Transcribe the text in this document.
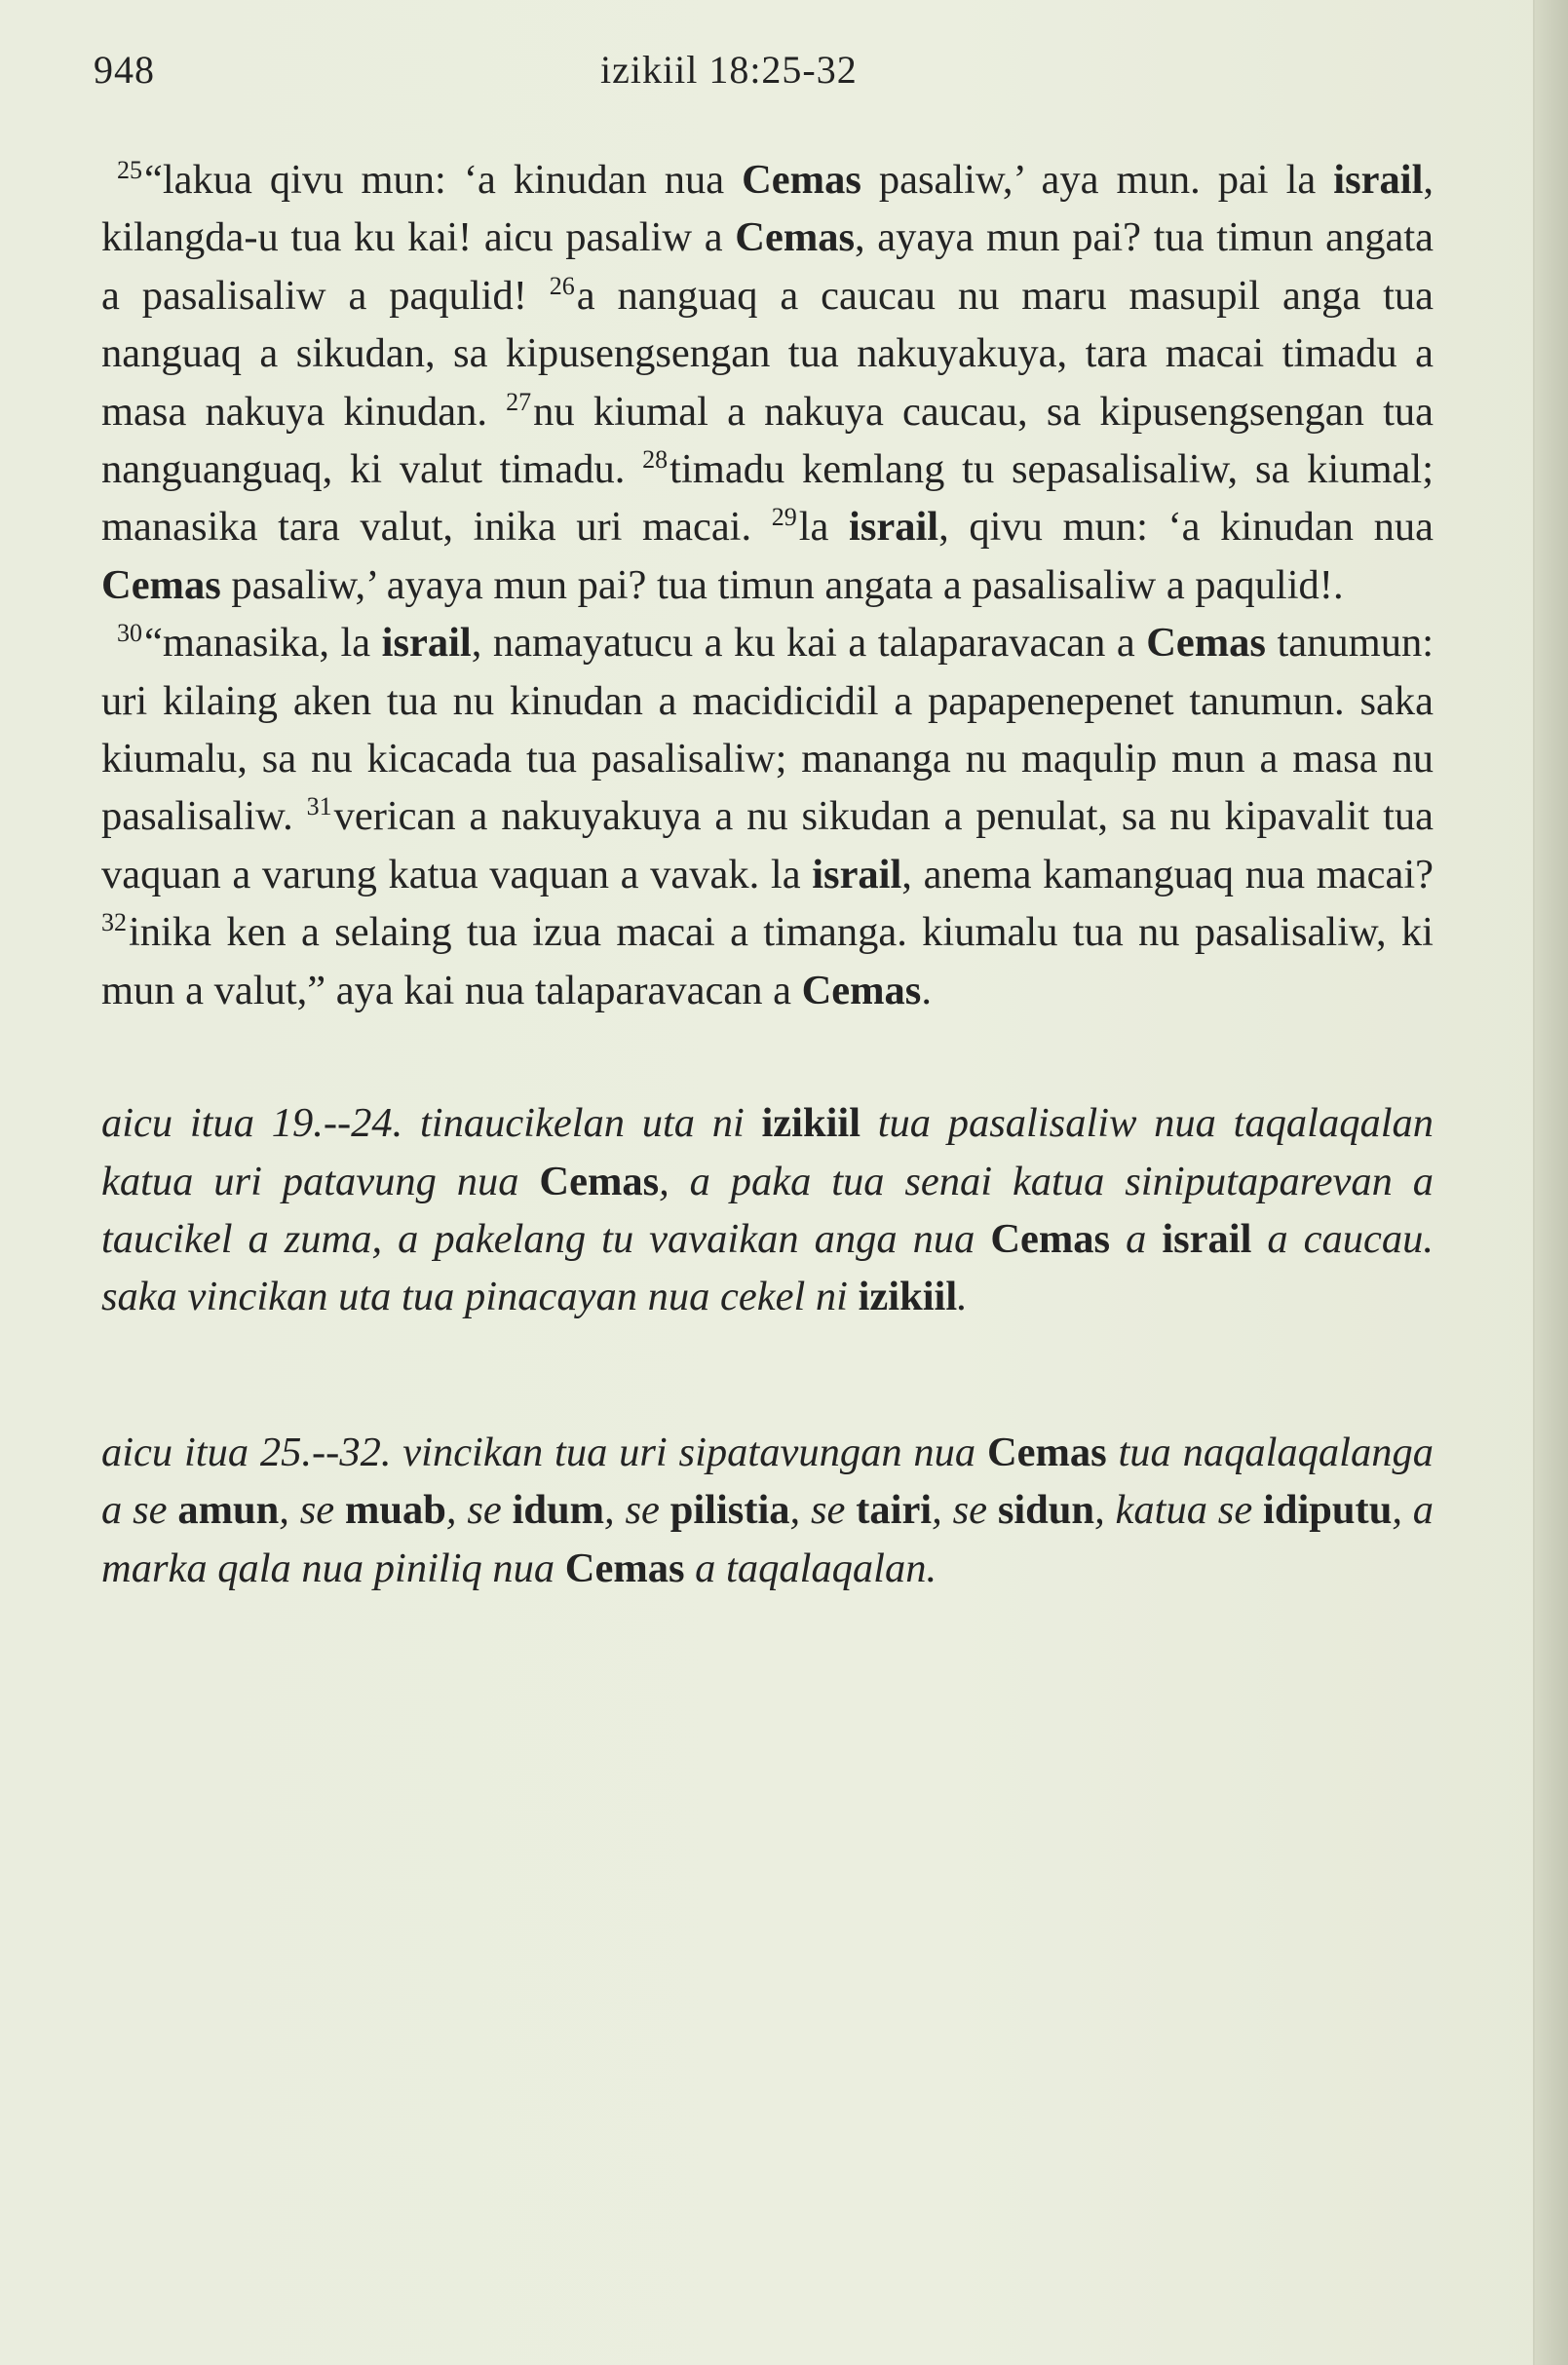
948	izikiil 18:25-32

$^{25}$“lakua qivu mun: ‘a kinudan nua Cemas pasaliw,’ aya mun. pai la israil, kilangda-u tua ku kai! aicu pasaliw a Cemas, ayaya mun pai? tua timun angata a pasalisaliw a paqulid! $^{26}$a nanguaq a caucau nu maru masupil anga tua nanguaq a sikudan, sa kipusengsengan tua nakuyakuya, tara macai timadu a masa nakuya kinudan. $^{27}$nu kiumal a nakuya caucau, sa kipusengsengan tua nanguanguaq, ki valut timadu. $^{28}$timadu kemlang tu sepasalisaliw, sa kiumal; manasika tara valut, inika uri macai. $^{29}$la israil, qivu mun: ‘a kinudan nua Cemas pasaliw,’ ayaya mun pai? tua timun angata a pasalisaliw a paqulid!.

$^{30}$“manasika, la israil, namayatucu a ku kai a talaparavacan a Cemas tanumun: uri kilaing aken tua nu kinudan a macidicidil a papapenepenet tanumun. saka kiumalu, sa nu kicacada tua pasalisaliw; mananga nu maqulip mun a masa nu pasalisaliw. $^{31}$verican a nakuyakuya a nu sikudan a penulat, sa nu kipavalit tua vaquan a varung katua vaquan a vavak. la israil, anema kamanguaq nua macai? $^{32}$inika ken a selaing tua izua macai a timanga. kiumalu tua nu pasalisaliw, ki mun a valut,” aya kai nua talaparavacan a Cemas.

aicu itua 19.--24. tinaucikelan uta ni izikiil tua pasalisaliw nua taqalaqalan katua uri patavung nua Cemas, a paka tua senai katua siniputaparevan a taucikel a zuma, a pakelang tu vavaikan anga nua Cemas a israil a caucau. saka vincikan uta tua pinacayan nua cekel ni izikiil.

aicu itua 25.--32. vincikan tua uri sipatavungan nua Cemas tua naqalaqalanga a se amun, se muab, se idum, se pilistia, se tairi, se sidun, katua se idiputu, a marka qala nua piniliq nua Cemas a taqalaqalan.
